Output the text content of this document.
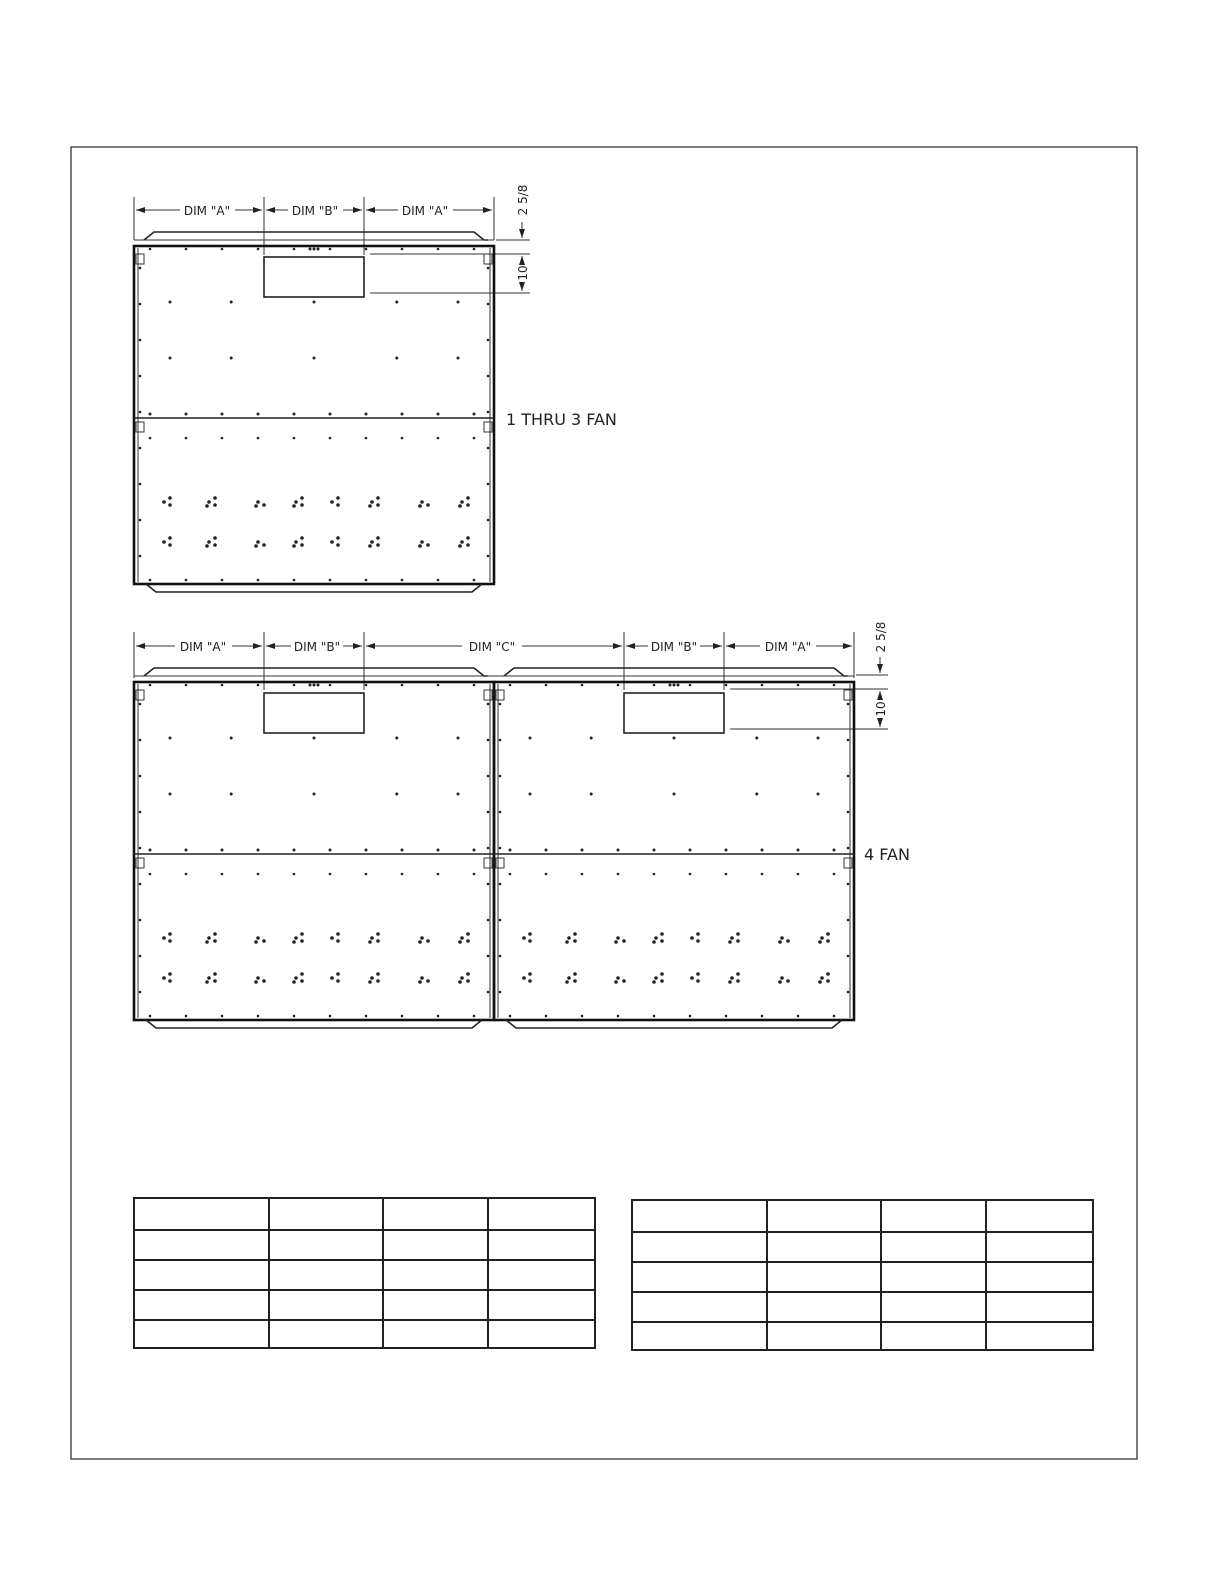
DIM "A"	DIM "B"	DIM "A"	2 5/8
10
1 THRU 3 FAN
DIM "A"	DIM "B"	DIM "C"	DIM "B"	DIM "A"	2 5/8
10
4 FAN
